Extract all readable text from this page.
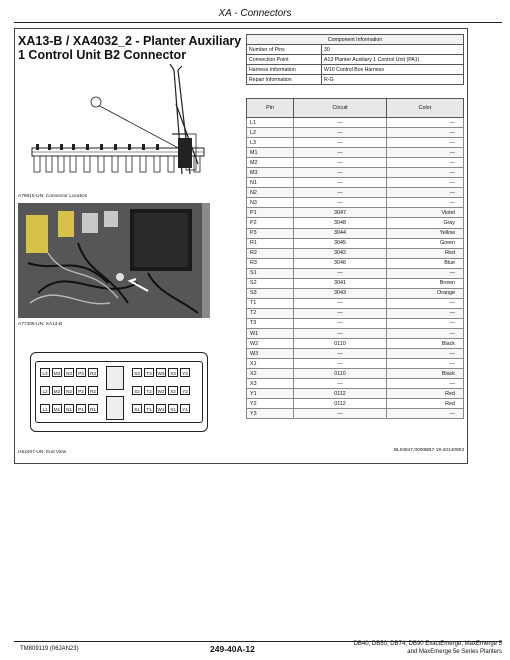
XA - Connectors
XA13-B / XA4032_2 - Planter Auxiliary 1 Control Unit B2 Connector
Component Information	
Number of Pins	30
Connection Point	A13 Planter Auxiliary 1 Control Unit (PA1)
Harness Information	W10 Control Box Harness
Repair Information	R-G
Pin	Circuit	Color
L1	—	—
L2	—	—
L3	—	—
M1	—	—
M2	—	—
M3	—	—
N1	—	—
N2	—	—
N3	—	—
P1	3047	Violet
P2	3048	Gray
P3	3044	Yellow
R1	3045	Green
R2	3042	Red
R3	3046	Blue
S1	—	—
S2	3041	Brown
S3	3043	Orange
T1	—	—
T2	—	—
T3	—	—
W1	—	—
W2	0110	Black
W3	—	—
X1	—	—
X2	0110	Black
X3	—	—
Y1	0112	Red
Y2	0112	Red
Y3	—	—
BL04847,0000BB7-19-20140903
A78815-UN: Connector Location
A77306-UN: XA13-B
L3	M3	N3	P3	R3	S3	T3	W3	X3	Y3
L2	M2	N2	P2	R2	S2	T2	W2	X2	Y2
L1	M1	N1	P1	R1	S1	T1	W1	X1	Y1
H54407-UN: End View
TM809119 (06JAN23)	249-40A-12	DB40, DB50, DB74, DB90 ExactEmerge, MaxEmerge 5
and MaxEmerge 5e Series Planters
